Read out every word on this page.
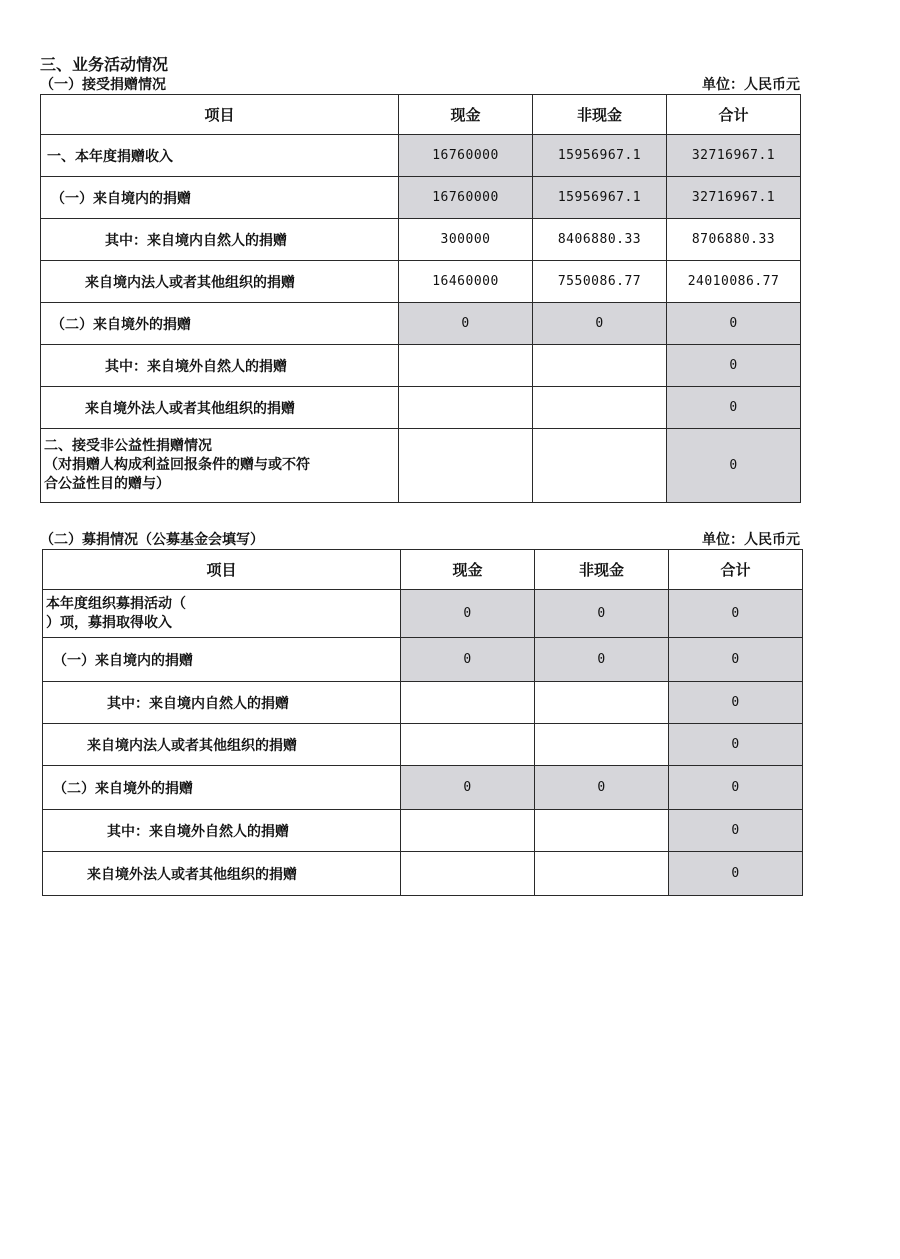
三、业务活动情况
（一）接受捐赠情况	单位：人民币元
项目	现金	非现金	合计
一、本年度捐赠收入	16760000	15956967.1	32716967.1
（一）来自境内的捐赠	16760000	15956967.1	32716967.1
其中：来自境内自然人的捐赠	300000	8406880.33	8706880.33
来自境内法人或者其他组织的捐赠	16460000	7550086.77	24010086.77
（二）来自境外的捐赠	0	0	0
其中：来自境外自然人的捐赠			0
来自境外法人或者其他组织的捐赠			0

二、接受非公益性捐赠情况
（对捐赠人构成利益回报条件的赠与或不符
合公益性目的赠与）			0
（二）募捐情况（公募基金会填写）	单位：人民币元
项目	现金	非现金	合计

本年度组织募捐活动（
）项，募捐取得收入	0	0	0
（一）来自境内的捐赠	0	0	0
其中：来自境内自然人的捐赠			0
来自境内法人或者其他组织的捐赠			0
（二）来自境外的捐赠	0	0	0
其中：来自境外自然人的捐赠			0
来自境外法人或者其他组织的捐赠			0
